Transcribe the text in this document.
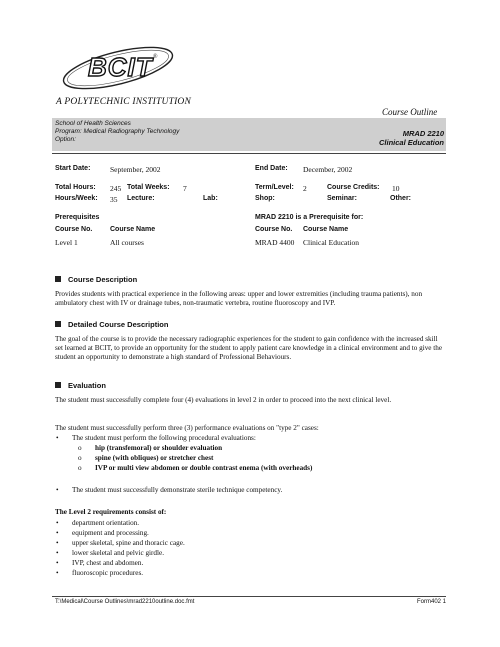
BCIT ®
A POLYTECHNIC INSTITUTION
Course Outline
School of Health Sciences
Program: Medical Radiography Technology
Option:
MRAD 2210
Clinical Education
Start Date:	September, 2002	End Date: December, 2002
Total Hours: 245 Total Weeks: 7	Term/Level: 2	Course Credits: 10
Hours/Week: 35 Lecture:	Lab:	Shop:	Seminar:	Other:
Prerequisites
Course No.	Course Name
Level 1	All courses
MRAD 2210 is a Prerequisite for:
Course No. Course Name
MRAD 4400 Clinical Education
Course Description
Provides students with practical experience in the following areas: upper and lower extremities (including trauma patients), non ambulatory chest with IV or drainage tubes, non-traumatic vertebra, routine fluoroscopy and IVP.
Detailed Course Description
The goal of the course is to provide the necessary radiographic experiences for the student to gain confidence with the increased skill set learned at BCIT, to provide an opportunity for the student to apply patient care knowledge in a clinical environment and to give the student an opportunity to demonstrate a high standard of Professional Behaviours.
Evaluation
The student must successfully complete four (4) evaluations in level 2 in order to proceed into the next clinical level.
The student must successfully perform three (3) performance evaluations on "type 2" cases:
• The student must perform the following procedural evaluations:
o hip (transfemoral) or shoulder evaluation
o spine (with obliques) or stretcher chest
o IVP or multi view abdomen or double contrast enema (with overheads)
• The student must successfully demonstrate sterile technique competency.
The Level 2 requirements consist of:
• department orientation.
• equipment and processing.
• upper skeletal, spine and thoracic cage.
• lower skeletal and pelvic girdle.
• IVP, chest and abdomen.
• fluoroscopic procedures.
T:\Medical\Course Outlines\mrad2210outline.doc.fmt	Form402 1
